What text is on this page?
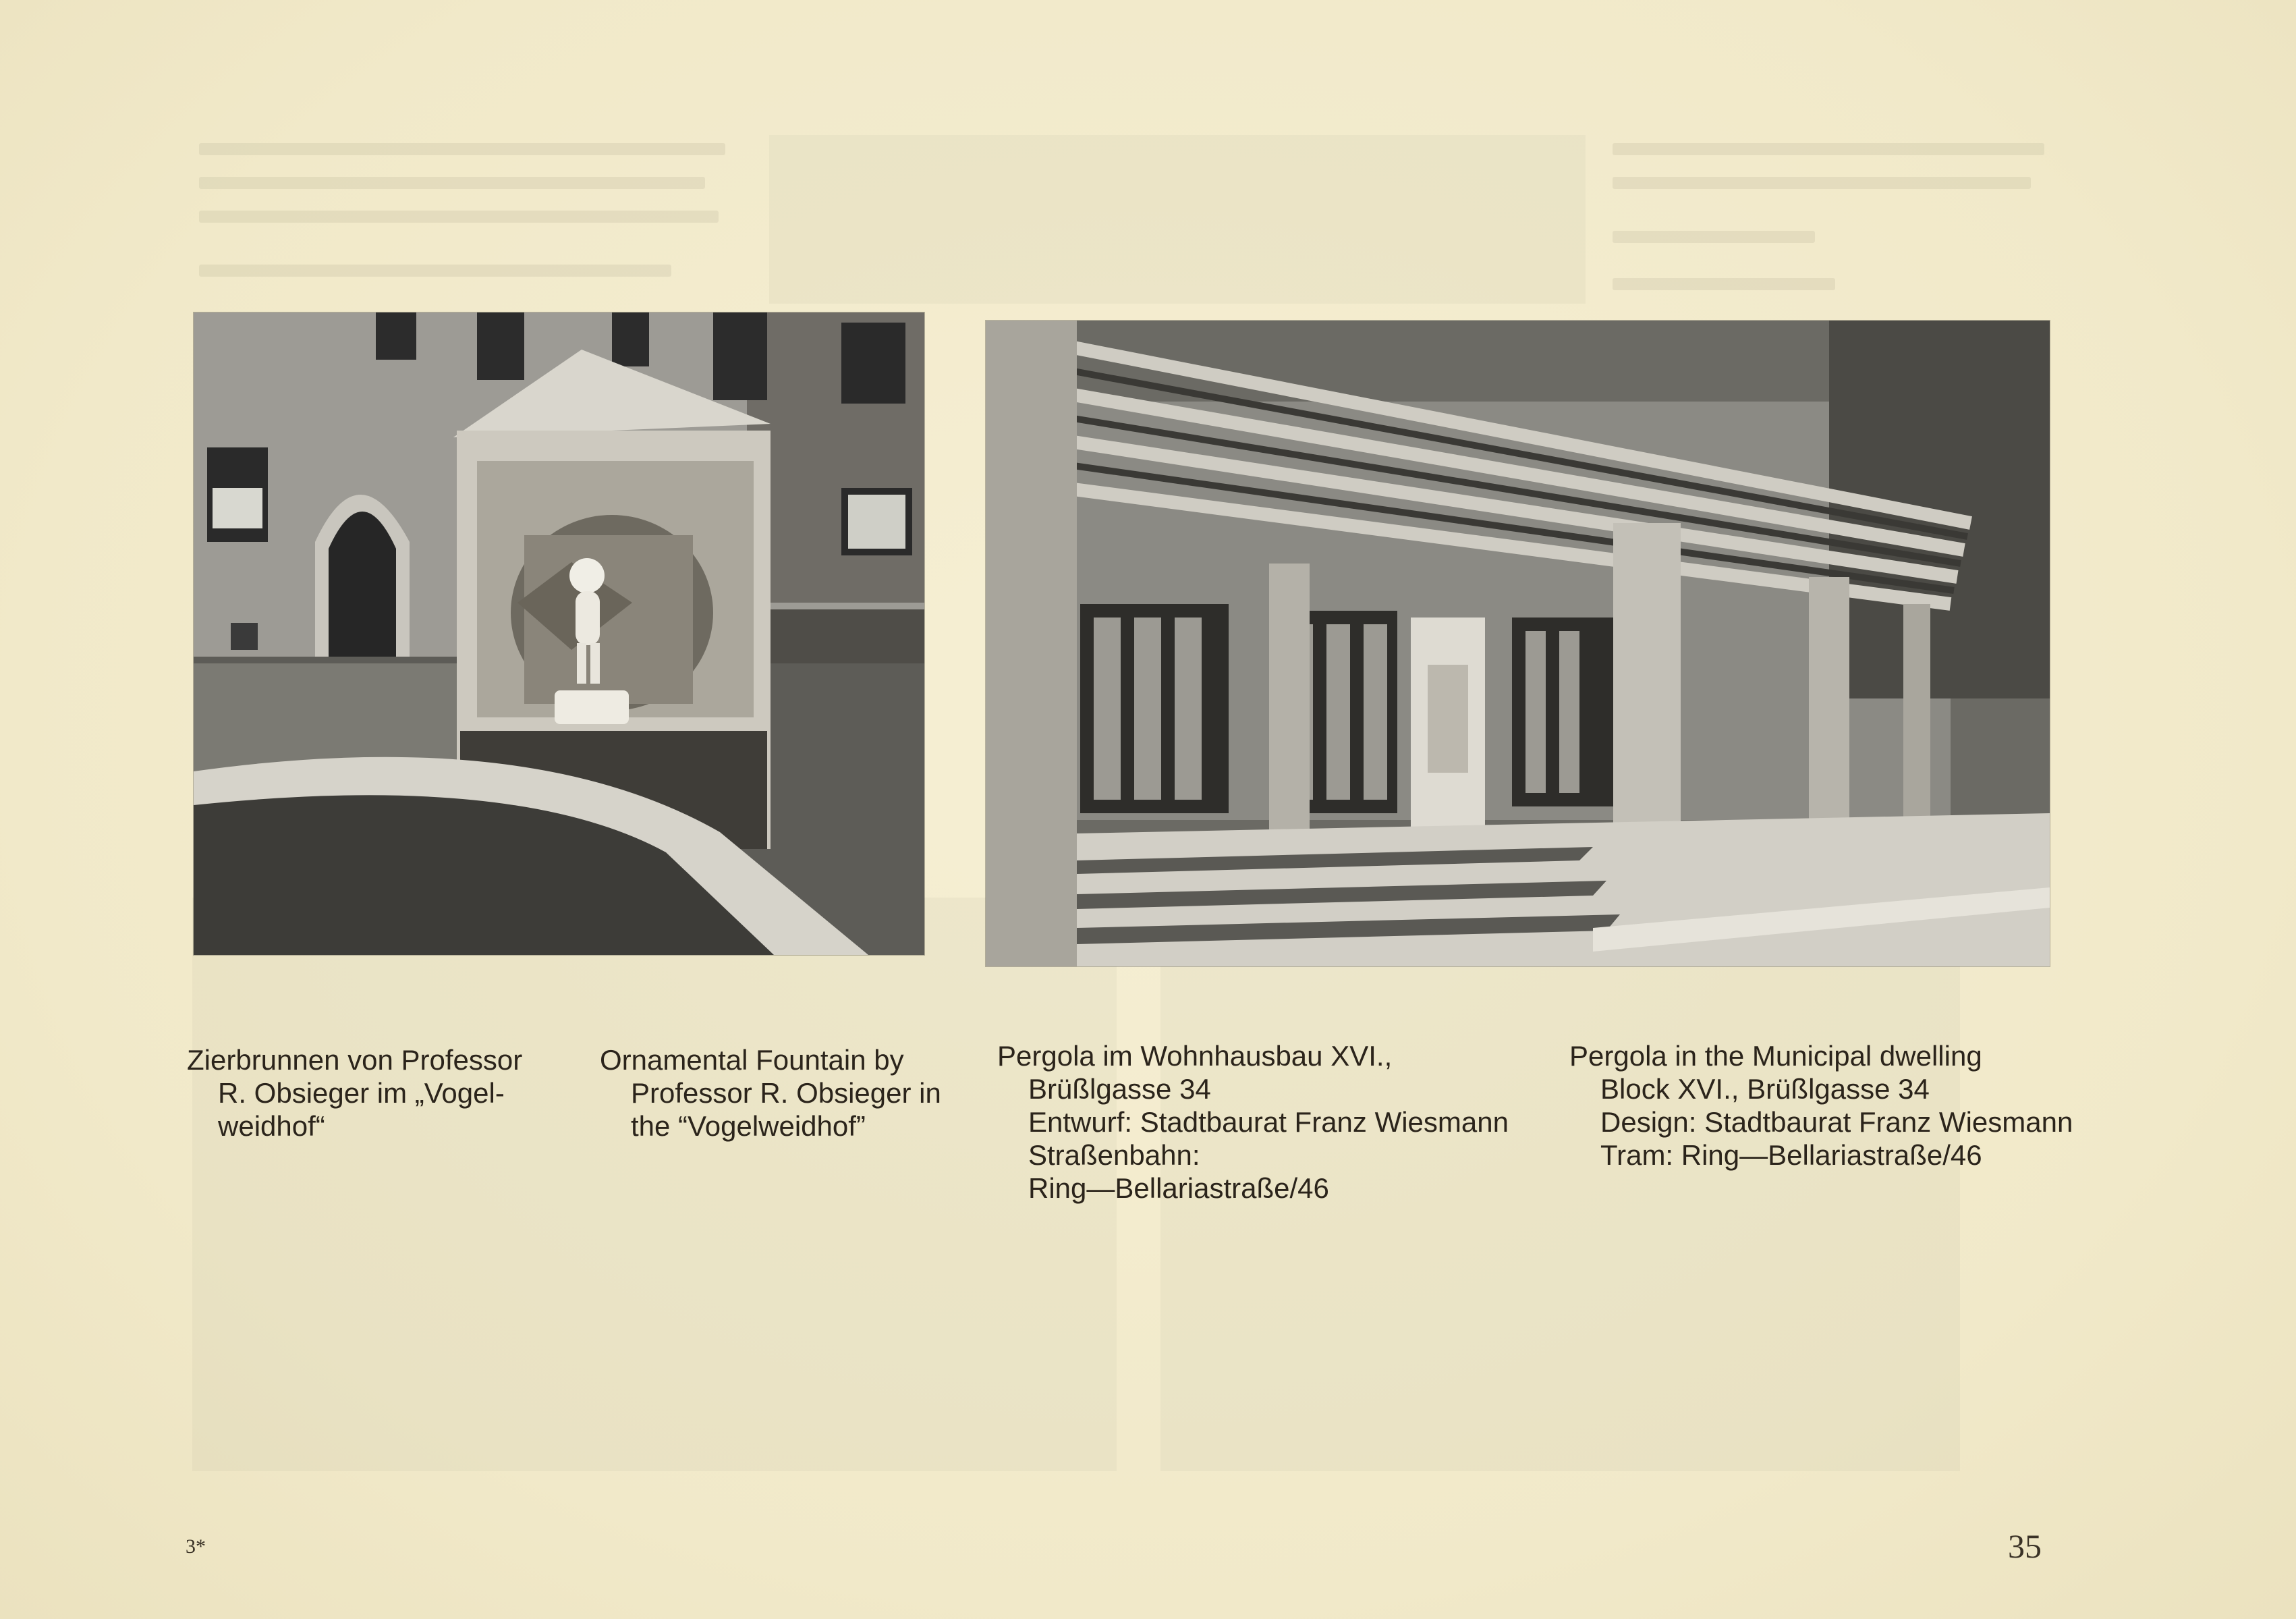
Zierbrunnen von Professor
R. Obsieger im „Vogel-
weidhof“
Ornamental Fountain by
Professor R. Obsieger in
the “Vogelweidhof”
Pergola im Wohnhausbau XVI.,
Brüßlgasse 34
Entwurf: Stadtbaurat Franz Wiesmann
Straßenbahn:
Ring—Bellariastraße/46
Pergola in the Municipal dwelling
Block XVI., Brüßlgasse 34
Design: Stadtbaurat Franz Wiesmann
Tram: Ring—Bellariastraße/46
3*	35
